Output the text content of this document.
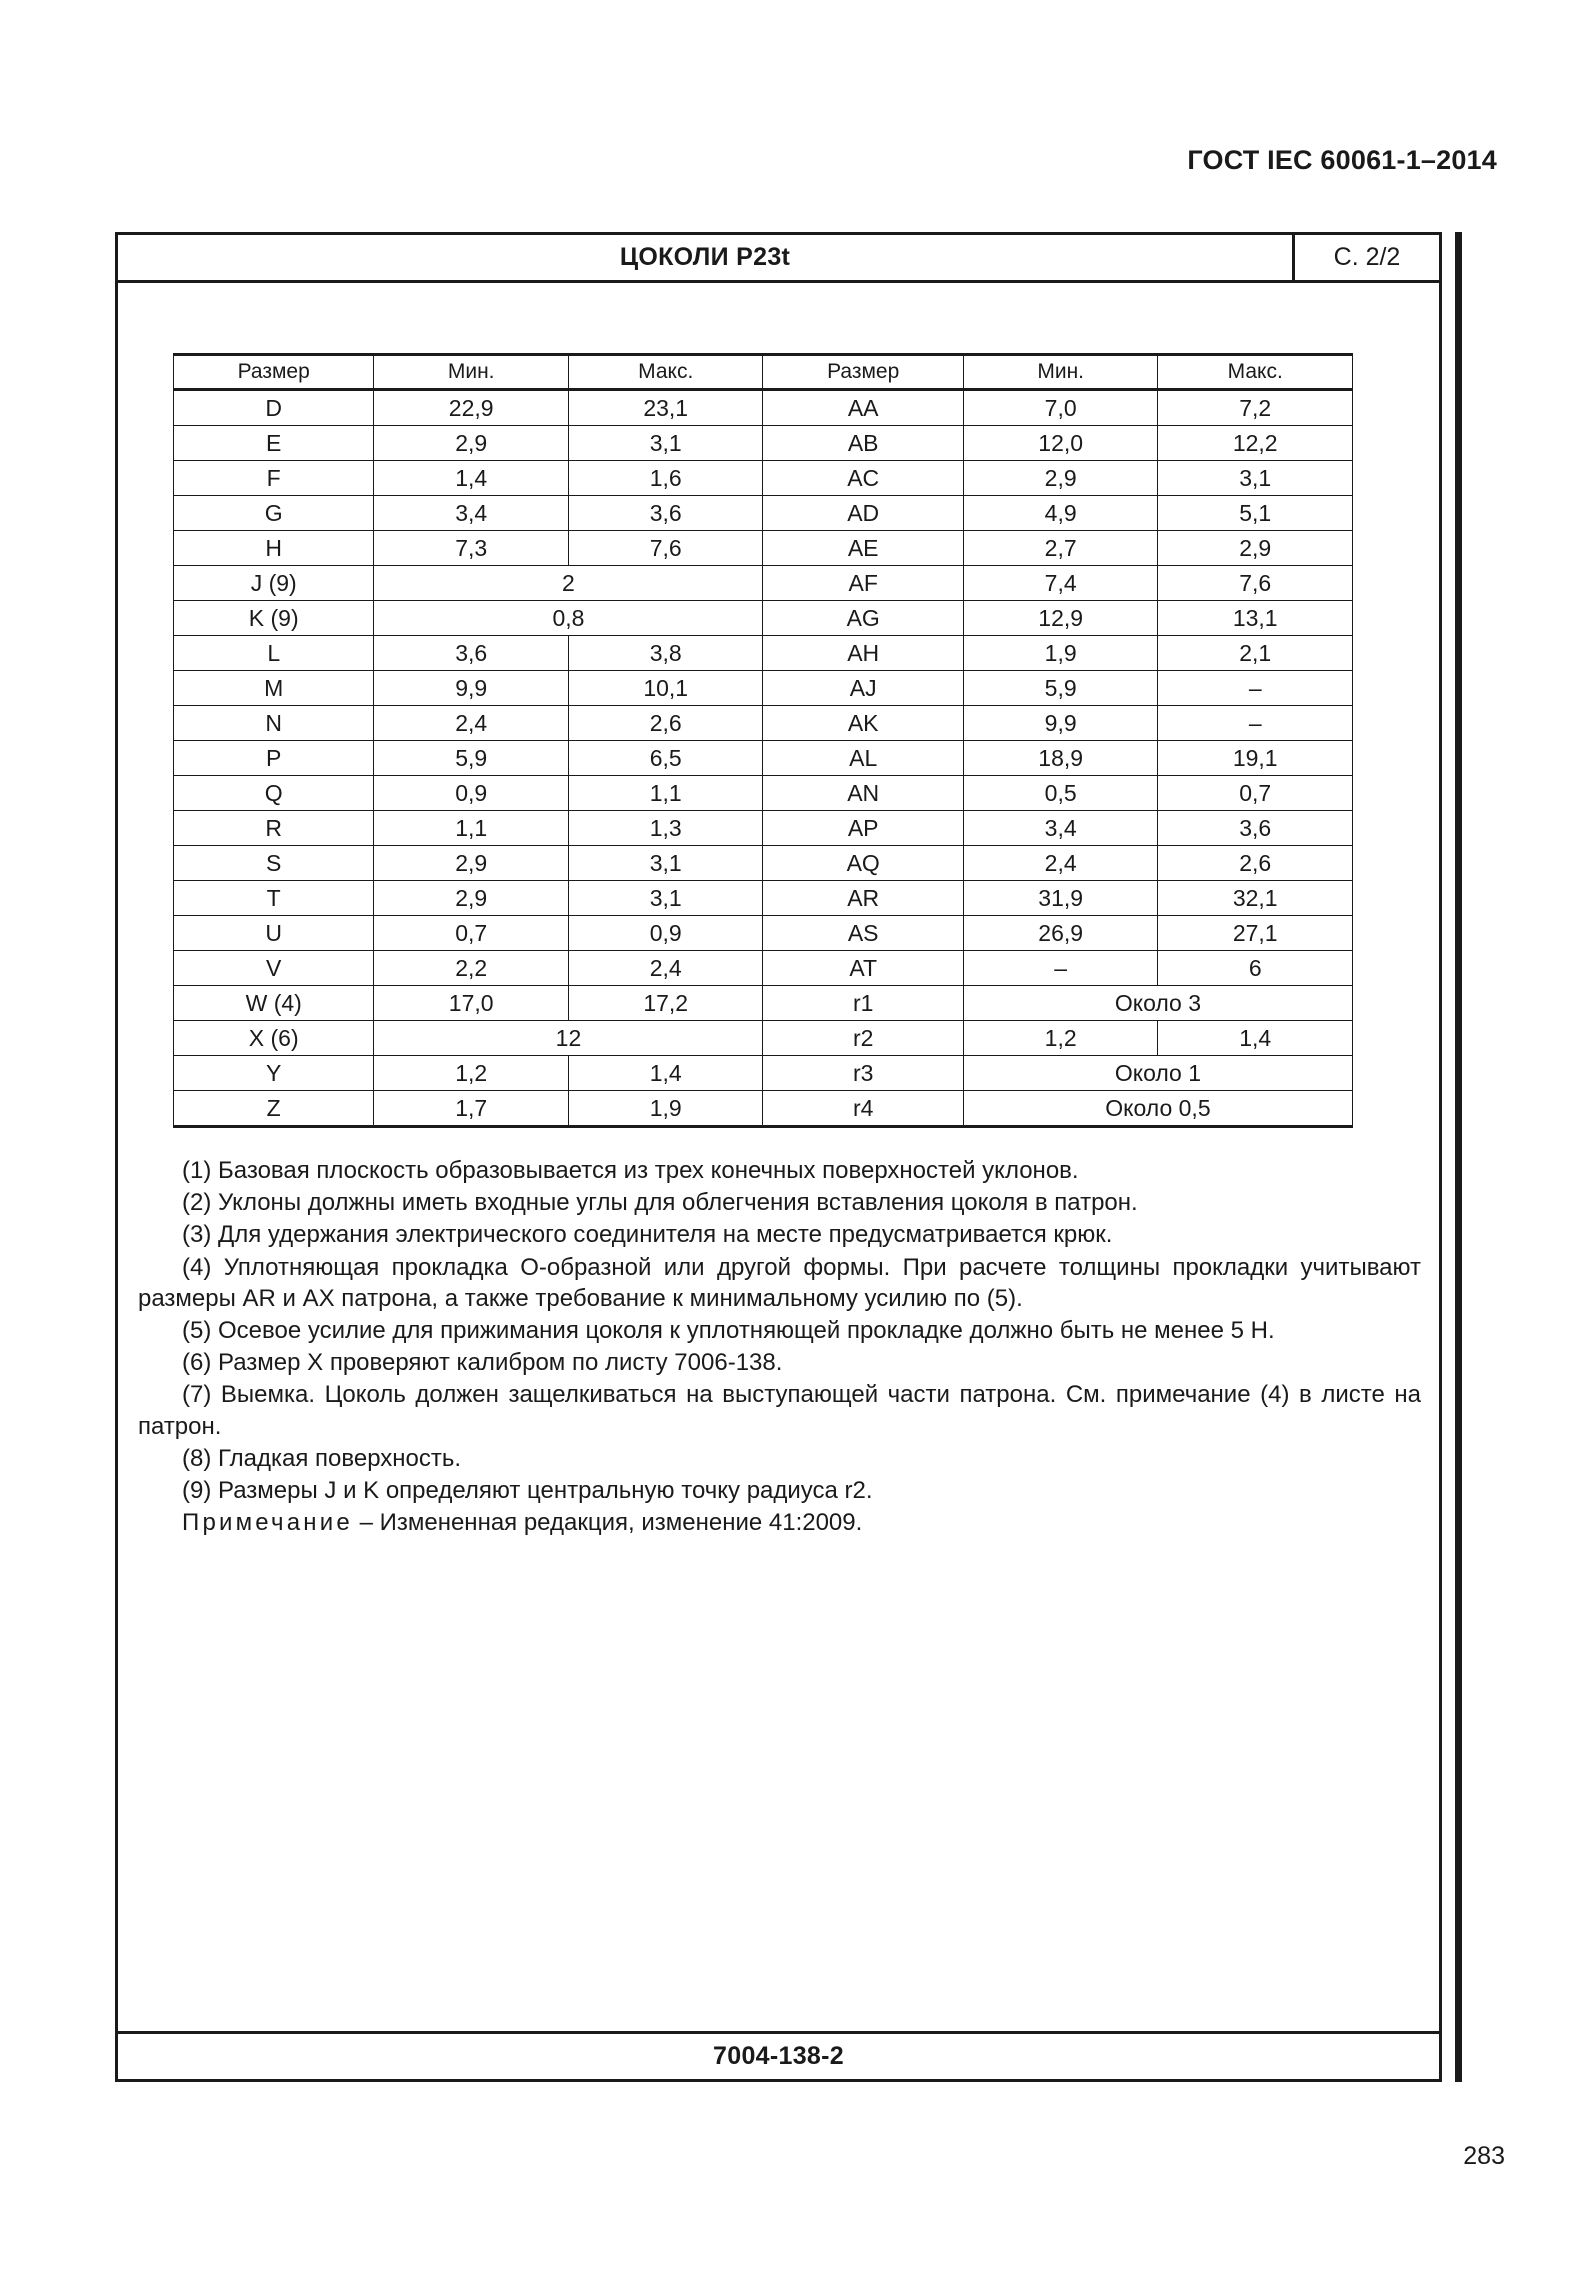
ГОСТ IEC 60061-1–2014
ЦОКОЛИ P23t	С. 2/2
Размер	Мин.	Макс.	Размер	Мин.	Макс.
D	22,9	23,1	AA	7,0	7,2
E	2,9	3,1	AB	12,0	12,2
F	1,4	1,6	AC	2,9	3,1
G	3,4	3,6	AD	4,9	5,1
H	7,3	7,6	AE	2,7	2,9
J (9)	2		AF	7,4	7,6
K (9)	0,8		AG	12,9	13,1
L	3,6	3,8	AH	1,9	2,1
M	9,9	10,1	AJ	5,9	–
N	2,4	2,6	AK	9,9	–
P	5,9	6,5	AL	18,9	19,1
Q	0,9	1,1	AN	0,5	0,7
R	1,1	1,3	AP	3,4	3,6
S	2,9	3,1	AQ	2,4	2,6
T	2,9	3,1	AR	31,9	32,1
U	0,7	0,9	AS	26,9	27,1
V	2,2	2,4	AT	–	6
W (4)	17,0	17,2	r1	Около 3	
X (6)	12		r2	1,2	1,4
Y	1,2	1,4	r3	Около 1	
Z	1,7	1,9	r4	Около 0,5	

(1) Базовая плоскость образовывается из трех конечных поверхностей уклонов.

(2) Уклоны должны иметь входные углы для облегчения вставления цоколя в патрон.

(3) Для удержания электрического соединителя на месте предусматривается крюк.

(4) Уплотняющая прокладка О-образной или другой формы. При расчете толщины прокладки учитывают размеры AR и AX патрона, а также требование к минимальному усилию по (5).

(5) Осевое усилие для прижимания цоколя к уплотняющей прокладке должно быть не менее 5 Н.

(6) Размер X проверяют калибром по листу 7006-138.

(7) Выемка. Цоколь должен защелкиваться на выступающей части патрона. См. примечание (4) в листе на патрон.

(8) Гладкая поверхность.

(9) Размеры J и K определяют центральную точку радиуса r2.

Примечание – Измененная редакция, изменение 41:2009.

7004-138-2
283
